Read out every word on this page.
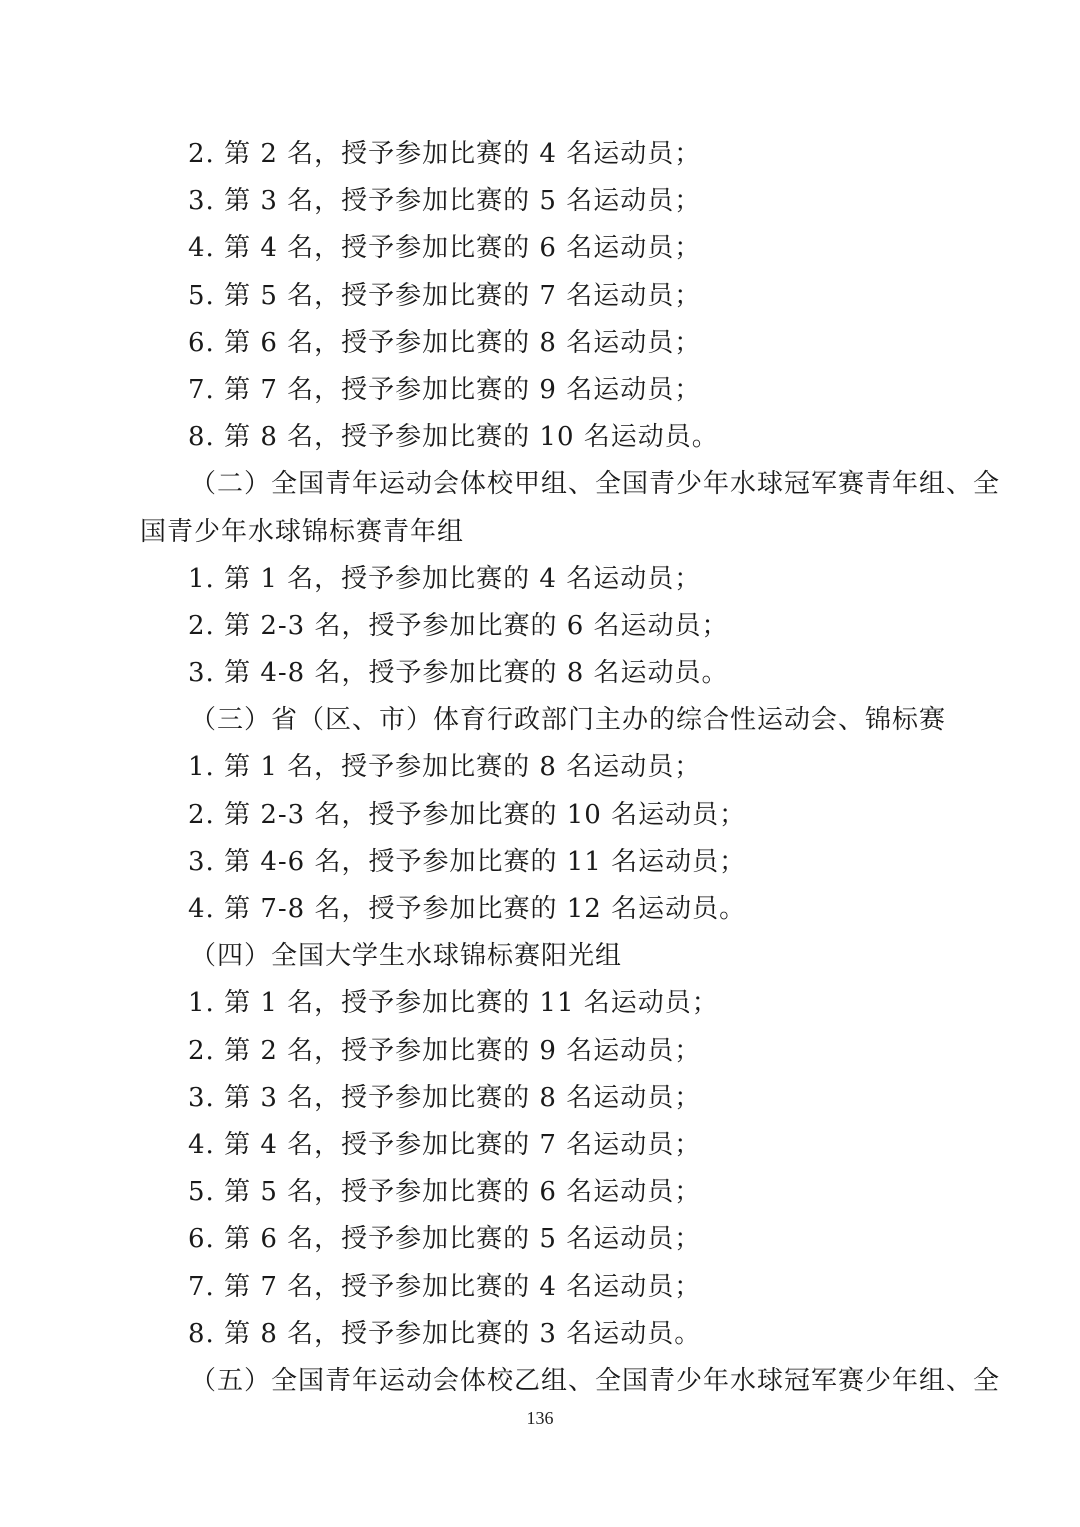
2. 第 2 名，授予参加比赛的 4 名运动员；
3. 第 3 名，授予参加比赛的 5 名运动员；
4. 第 4 名，授予参加比赛的 6 名运动员；
5. 第 5 名，授予参加比赛的 7 名运动员；
6. 第 6 名，授予参加比赛的 8 名运动员；
7. 第 7 名，授予参加比赛的 9 名运动员；
8. 第 8 名，授予参加比赛的 10 名运动员。
（二）全国青年运动会体校甲组、全国青少年水球冠军赛青年组、全
国青少年水球锦标赛青年组
1. 第 1 名，授予参加比赛的 4 名运动员；
2. 第 2-3 名，授予参加比赛的 6 名运动员；
3. 第 4-8 名，授予参加比赛的 8 名运动员。
（三）省（区、市）体育行政部门主办的综合性运动会、锦标赛
1. 第 1 名，授予参加比赛的 8 名运动员；
2. 第 2-3 名，授予参加比赛的 10 名运动员；
3. 第 4-6 名，授予参加比赛的 11 名运动员；
4. 第 7-8 名，授予参加比赛的 12 名运动员。
（四）全国大学生水球锦标赛阳光组
1. 第 1 名，授予参加比赛的 11 名运动员；
2. 第 2 名，授予参加比赛的 9 名运动员；
3. 第 3 名，授予参加比赛的 8 名运动员；
4. 第 4 名，授予参加比赛的 7 名运动员；
5. 第 5 名，授予参加比赛的 6 名运动员；
6. 第 6 名，授予参加比赛的 5 名运动员；
7. 第 7 名，授予参加比赛的 4 名运动员；
8. 第 8 名，授予参加比赛的 3 名运动员。
（五）全国青年运动会体校乙组、全国青少年水球冠军赛少年组、全
136
